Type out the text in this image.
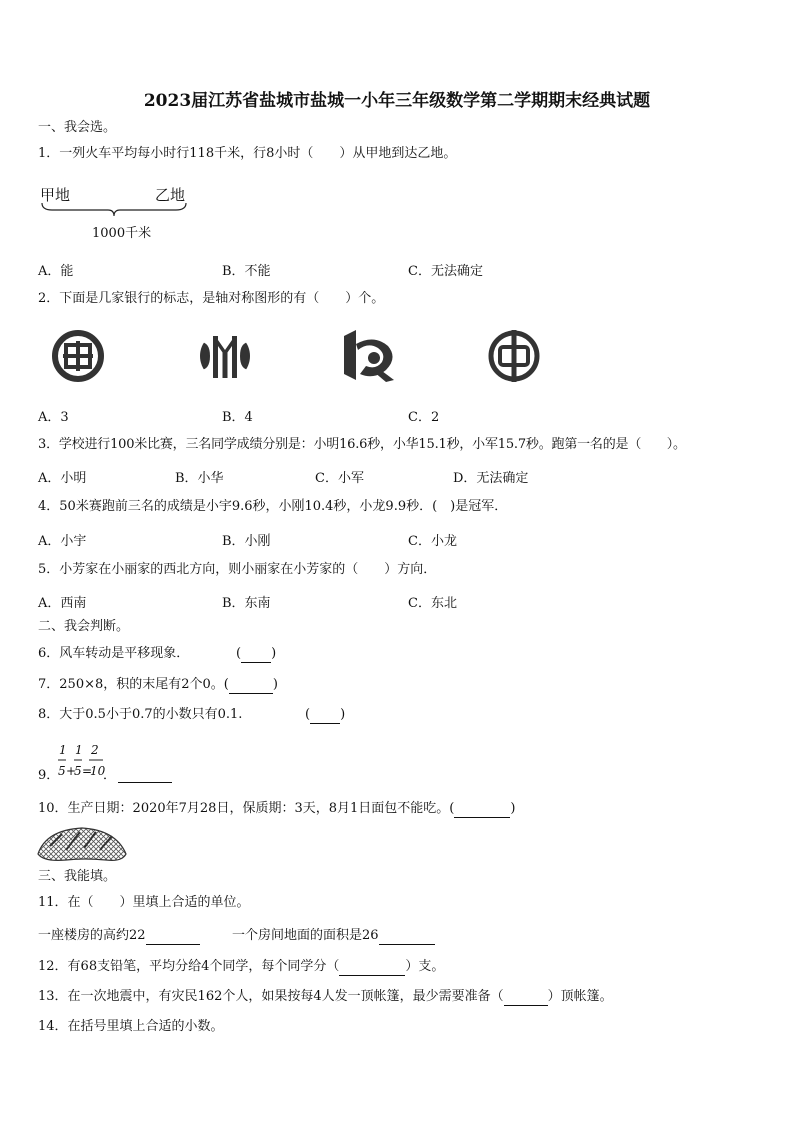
2023届江苏省盐城市盐城一小年三年级数学第二学期期末经典试题
一、我会选。
1．一列火车平均每小时行118千米，行8小时（　　）从甲地到达乙地。
甲地	乙地
1000千米
A．能	B．不能	C．无法确定
2．下面是几家银行的标志，是轴对称图形的有（　　）个。
A．3	B．4	C．2
3．学校进行100米比赛，三名同学成绩分别是：小明16.6秒，小华15.1秒，小军15.7秒。跑第一名的是（　　）。
A．小明	B．小华	C．小军	D．无法确定
4．50米赛跑前三名的成绩是小宇9.6秒，小刚10.4秒，小龙9.9秒．(　)是冠军．
A．小宇	B．小刚	C．小龙
5．小芳家在小丽家的西北方向，则小丽家在小芳家的（　　）方向．
A．西南	B．东南	C．东北
二、我会判断。
6．风车转动是平移现象．	( )
7．250×8，积的末尾有2个0。(	)
8．大于0.5小于0.7的小数只有0.1.	( )
9．
1 1 2
5 +
5 =
10
．
10．生产日期：2020年7月28日，保质期：3天，8月1日面包不能吃。(	)
三、我能填。
11．在（　　）里填上合适的单位。
一座楼房的高约22	一个房间地面的面积是26
12．有68支铅笔，平均分给4个同学，每个同学分（	）支。
13．在一次地震中，有灾民162个人，如果按每4人发一顶帐篷，最少需要准备（	）顶帐篷。
14．在括号里填上合适的小数。
